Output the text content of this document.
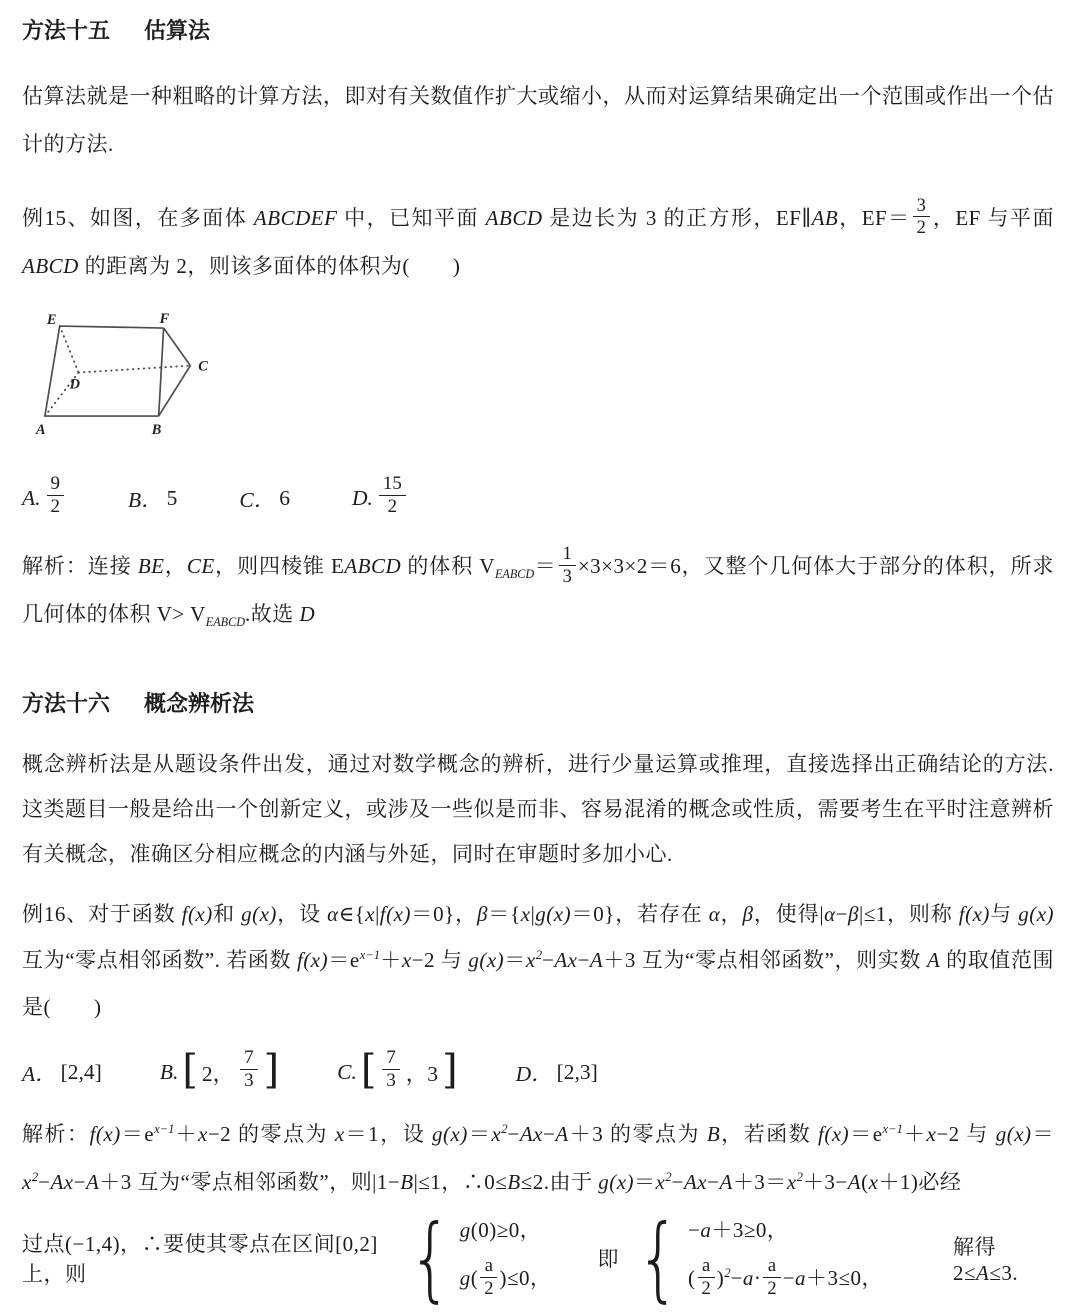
方法十五 估算法

估算法就是一种粗略的计算方法，即对有关数值作扩大或缩小，从而对运算结果确定出一个范围或作出一个估计的方法.

例15、如图，在多面体 ABCDEF 中，已知平面 ABCD 是边长为 3 的正方形，EF∥AB，$EF= \frac{3}{2}$ ，EF 与平面 ABCD 的距离为 2，则该多面体的体积为(　　)

E	F
C
D
A	B
A. $\frac{9}{2}$	B． 5	C． 6	D. $\frac{15}{2}$

解析：连接 BE，CE，则四棱锥 EABCD 的体积 $V_{EABCD}= \frac{1}{3} \times 3\times 3\times 2=6$，又整个几何体大于部分的体积，所求几何体的体积 $V> V_{EABCD}$.故选 D

方法十六 概念辨析法

概念辨析法是从题设条件出发，通过对数学概念的辨析，进行少量运算或推理，直接选择出正确结论的方法. 这类题目一般是给出一个创新定义，或涉及一些似是而非、容易混淆的概念或性质，需要考生在平时注意辨析有关概念，准确区分相应概念的内涵与外延，同时在审题时多加小心.

例16、对于函数 f(x)和 g(x)，设 α∈{x|f(x)＝0}，β＝{x|g(x)＝0}，若存在 α，β，使得|α−β|≤1，则称 f(x)与 g(x)互为“零点相邻函数”. 若函数 $f(x)=e^{x-1}+x-2$ 与 $g(x)=x^2-Ax-A+3$ 互为“零点相邻函数”，则实数 A 的取值范围是(　　)

A． [2,4]	B. [ 2， $\frac{7}{3}$ ]	C. [ $\frac{7}{3}$ ，3 ]	D． [2,3]

解析：$f(x)=e^{x-1}+x-2$ 的零点为 x＝1，设 $g(x)=x^2-Ax-A+3$ 的零点为 B，若函数 $f(x)=e^{x-1}+x-2$ 与 $g(x)=x^2-Ax-A+3$ 互为“零点相邻函数”，则|1−B|≤1，∴0≤B≤2.由于 $g(x)=x^2-Ax-A+3=x^2+3-A(x+1)$必经

过点(−1,4)，∴要使其零点在区间[0,2]上，则	{ g(0)≥0，
$g( \frac{a}{2} )\le 0$，
即 { −a＋3≥0，
( $\frac{a}{2} )^2-a\cdot \frac{a}{2} -a+3\le 0$，
解得 2≤A≤3.
